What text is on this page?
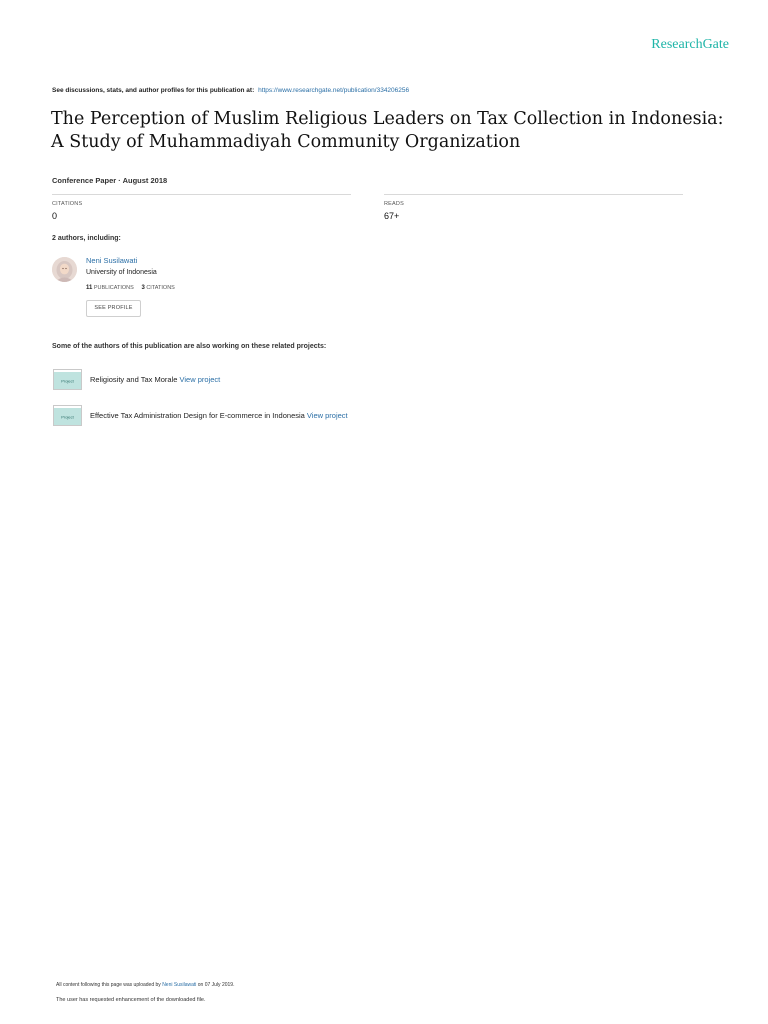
ResearchGate
See discussions, stats, and author profiles for this publication at: https://www.researchgate.net/publication/334206256
The Perception of Muslim Religious Leaders on Tax Collection in Indonesia: A Study of Muhammadiyah Community Organization
Conference Paper · August 2018
CITATIONS
0
READS
67+
2 authors, including:
Neni Susilawati
University of Indonesia
11 PUBLICATIONS 3 CITATIONS
SEE PROFILE
Some of the authors of this publication are also working on these related projects:
Project Religiosity and Tax Morale View project
Project Effective Tax Administration Design for E-commerce in Indonesia View project
All content following this page was uploaded by Neni Susilawati on 07 July 2019.
The user has requested enhancement of the downloaded file.
